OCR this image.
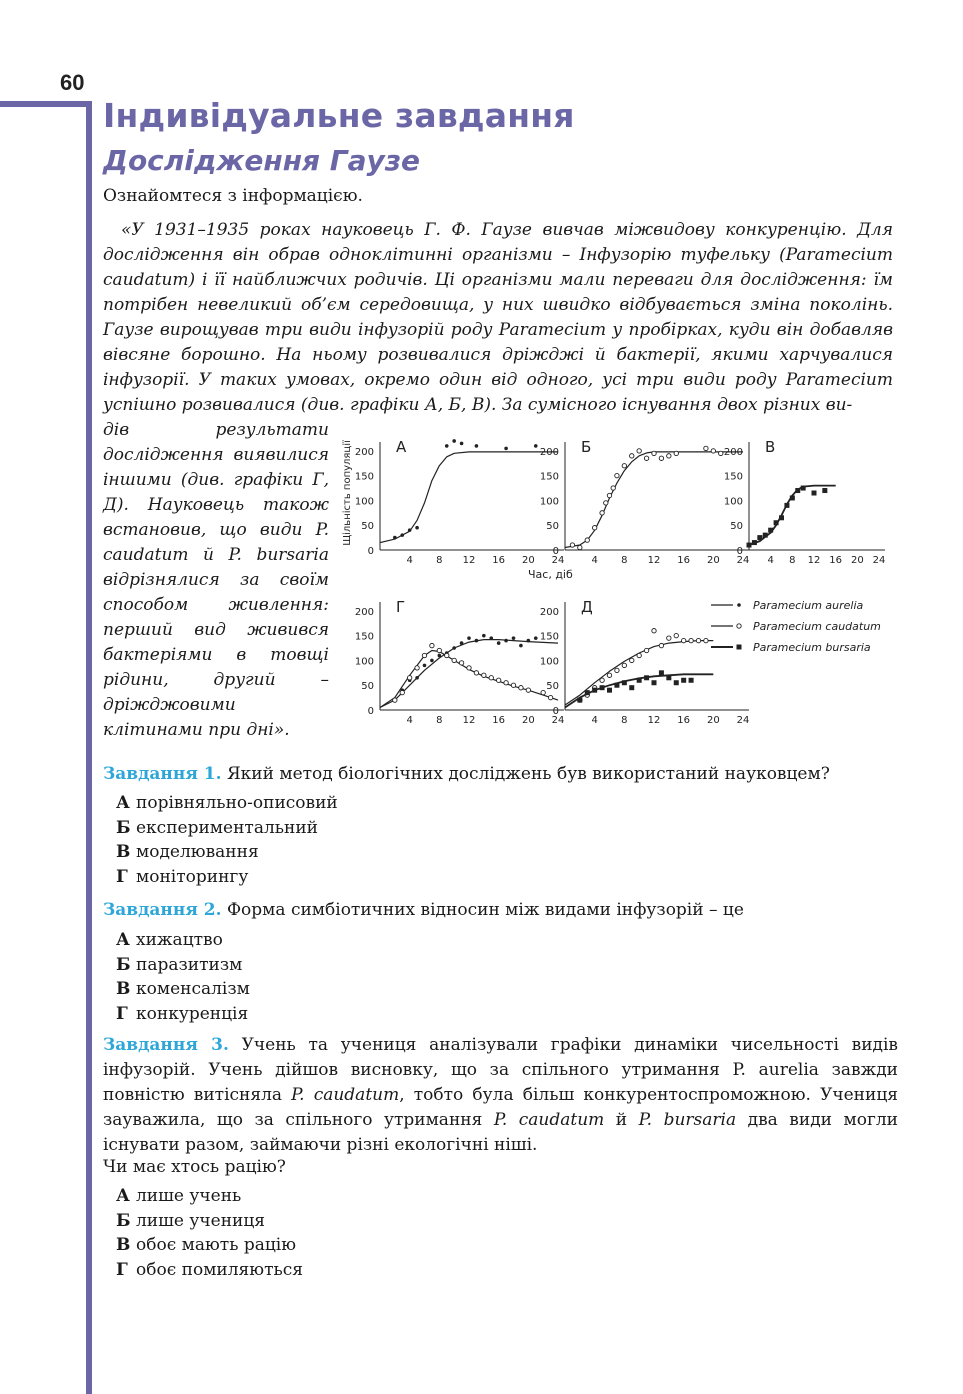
60
Індивідуальне завдання
Дослідження Гаузе

Ознайомтеся з інформацією.

«У 1931–1935 роках науковець Г. Ф. Гаузе вивчав міжвидову конкуренцію. Для дослідження він обрав одноклітинні організми – Інфузорію туфельку (Paramecium caudatum) і її найближчих родичів. Ці організми мали переваги для дослідження: їм потрібен невеликий об’єм середовища, у них швидко відбувається зміна поколінь. Гаузе вирощував три види інфузорій роду Paramecium у пробірках, куди він добавляв вівсяне борошно. На ньому розвивалися дріжджі й бактерії, якими харчувалися інфузорії. У таких умовах, окремо один від одного, усі три види роду Paramecium успішно розвивалися (див. графіки А, Б, В). За сумісного існування двох різних ви-

дів результати дослідження виявилися іншими (див. графіки Г, Д). Науковець також встановив, що види P. caudatum й P. bursaria відрізнялися за своїм способом живлення: перший вид живився бактеріями в товщі рідини, другий – дріжджовими клітинами при дні».

Paramecium aurelia
Paramecium caudatum
Paramecium bursaria
А
0
50
100
150
200
4 8 12 16 20 24
Щільність популяції
Час, діб
Б
0
50
100
150
200
4 8 12 16 20 24
В
0
50
100
150
200
4 8 12 16 20 24
Г
0
50
100
150
200
4 8 12 16 20 24
Д
0
50
100
150
200
4 8 12 16 20 24

Завдання 1. Який метод біологічних досліджень був використаний науковцем?

А порівняльно-описовий
Б експериментальний
В моделювання
Г моніторингу

Завдання 2. Форма симбіотичних відносин між видами інфузорій – це

А хижацтво
Б паразитизм
В коменсалізм
Г конкуренція

Завдання 3. Учень та учениця аналізували графіки динаміки чисельності видів інфузорій. Учень дійшов висновку, що за спільного утримання P. aurelia завжди повністю витісняла P. caudatum, тобто була більш конкурентоспроможною. Учениця зауважила, що за спільного утримання P. caudatum й P. bursaria два види могли існувати разом, займаючи різні екологічні ніші.

Чи має хтось рацію?

А лише учень
Б лише учениця
В обоє мають рацію
Г обоє помиляються
